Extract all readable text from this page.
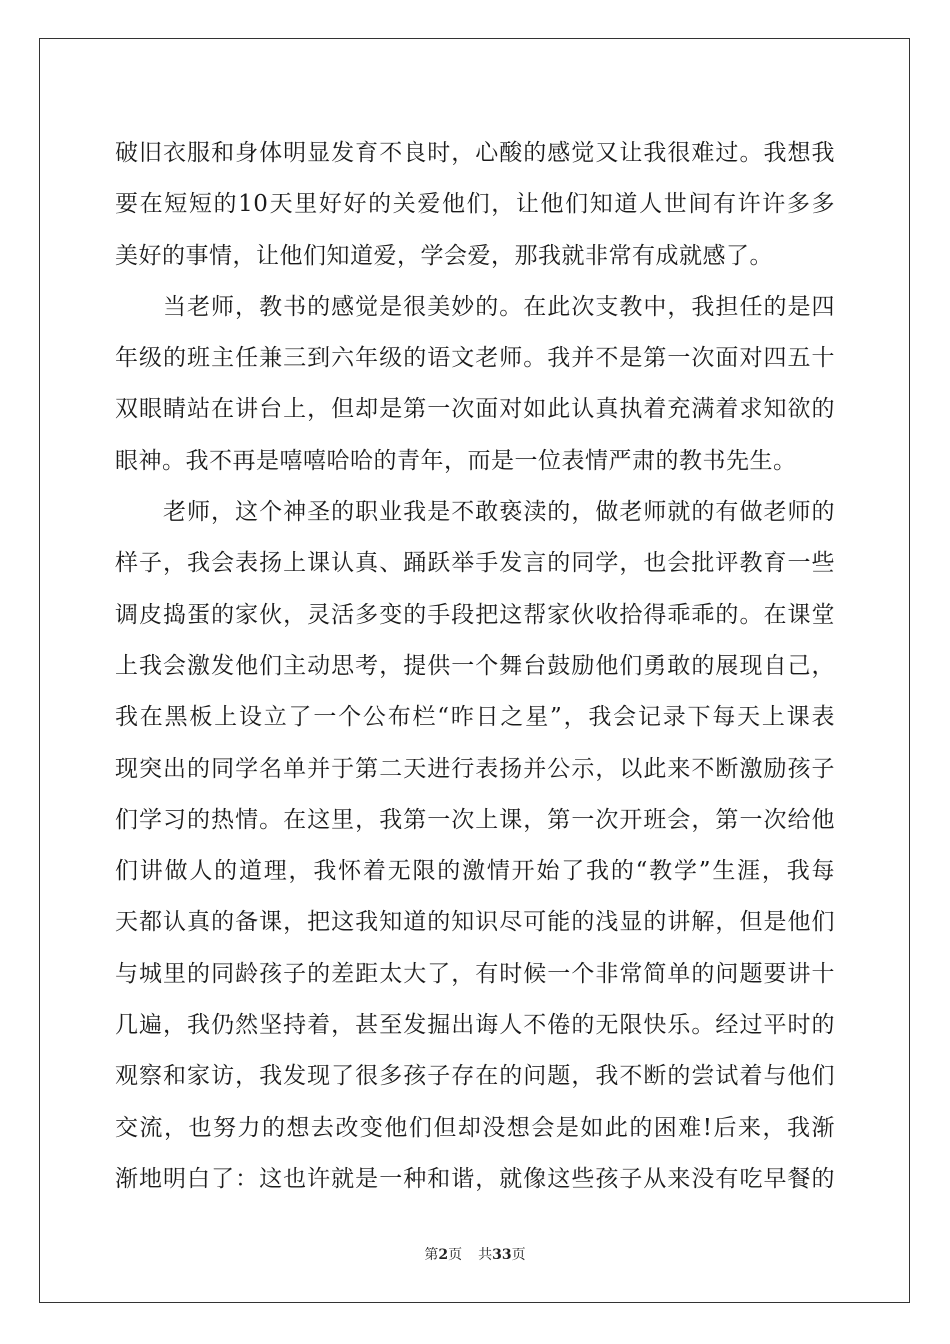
破旧衣服和身体明显发育不良时，心酸的感觉又让我很难过。我想我
要在短短的10天里好好的关爱他们，让他们知道人世间有许许多多
美好的事情，让他们知道爱，学会爱，那我就非常有成就感了。
当老师，教书的感觉是很美妙的。在此次支教中，我担任的是四
年级的班主任兼三到六年级的语文老师。我并不是第一次面对四五十
双眼睛站在讲台上，但却是第一次面对如此认真执着充满着求知欲的
眼神。我不再是嘻嘻哈哈的青年，而是一位表情严肃的教书先生。
老师，这个神圣的职业我是不敢亵渎的，做老师就的有做老师的
样子，我会表扬上课认真、踊跃举手发言的同学，也会批评教育一些
调皮捣蛋的家伙，灵活多变的手段把这帮家伙收拾得乖乖的。在课堂
上我会激发他们主动思考，提供一个舞台鼓励他们勇敢的展现自己，
我在黑板上设立了一个公布栏“昨日之星”，我会记录下每天上课表
现突出的同学名单并于第二天进行表扬并公示，以此来不断激励孩子
们学习的热情。在这里，我第一次上课，第一次开班会，第一次给他
们讲做人的道理，我怀着无限的激情开始了我的“教学”生涯，我每
天都认真的备课，把这我知道的知识尽可能的浅显的讲解，但是他们
与城里的同龄孩子的差距太大了，有时候一个非常简单的问题要讲十
几遍，我仍然坚持着，甚至发掘出诲人不倦的无限快乐。经过平时的
观察和家访，我发现了很多孩子存在的问题，我不断的尝试着与他们
交流，也努力的想去改变他们但却没想会是如此的困难!后来，我渐
渐地明白了：这也许就是一种和谐，就像这些孩子从来没有吃早餐的
第2页 共33页
